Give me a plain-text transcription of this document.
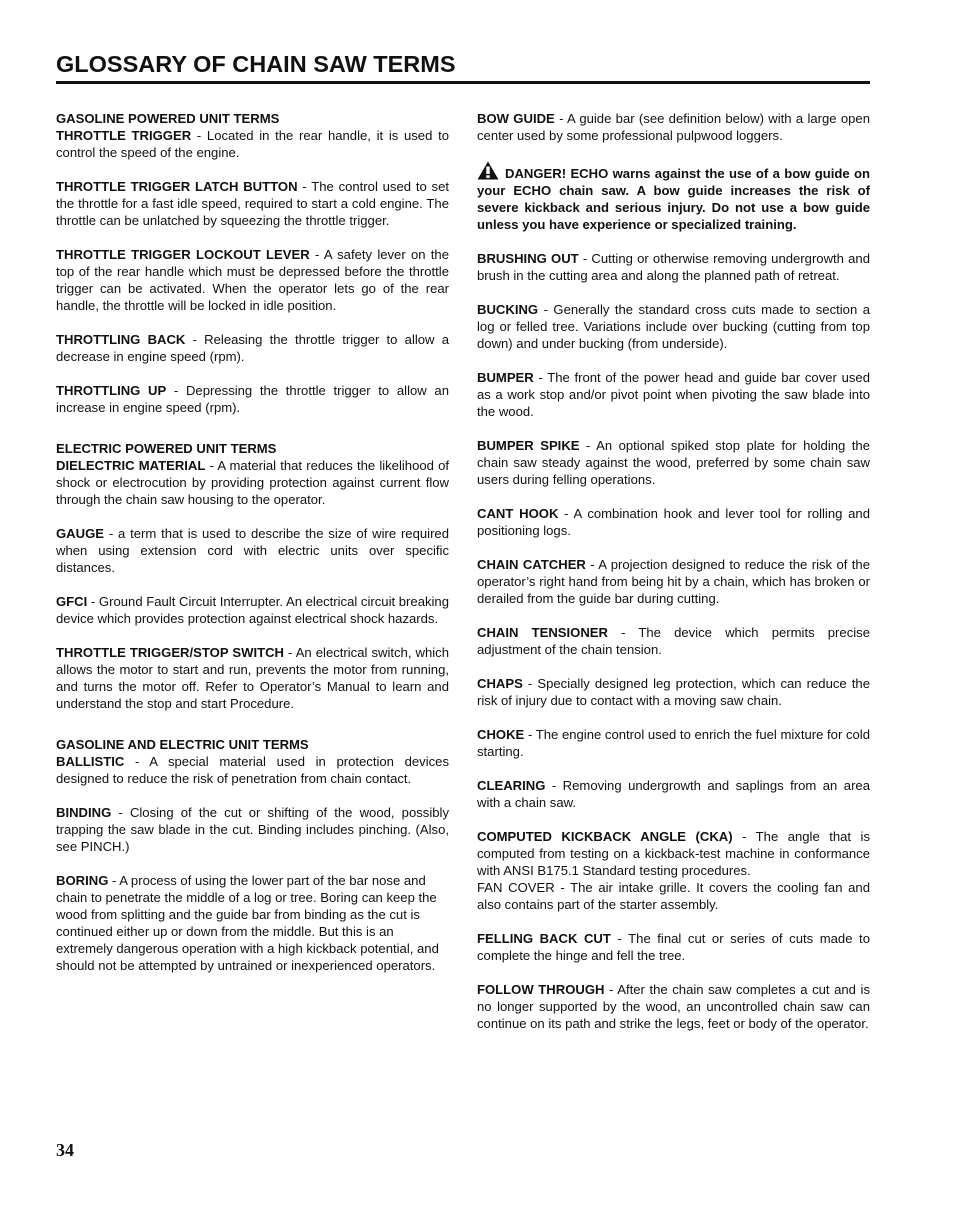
GLOSSARY OF CHAIN SAW TERMS
GASOLINE POWERED UNIT TERMS
THROTTLE TRIGGER - Located in the rear handle, it is used to control the speed of the engine.
THROTTLE TRIGGER LATCH BUTTON - The control used to set the throttle for a fast idle speed, required to start a cold engine. The throttle can be unlatched by squeezing the throttle trigger.
THROTTLE TRIGGER LOCKOUT LEVER - A safety lever on the top of the rear handle which must be depressed before the throttle trigger can be activated. When the operator lets go of the rear handle, the throttle will be locked in idle position.
THROTTLING BACK - Releasing the throttle trigger to allow a decrease in engine speed (rpm).
THROTTLING UP - Depressing the throttle trigger to allow an increase in engine speed (rpm).
ELECTRIC POWERED UNIT TERMS
DIELECTRIC MATERIAL - A material that reduces the likelihood of shock or electrocution by providing protection against current flow through the chain saw housing to the operator.
GAUGE - a term that is used to describe the size of wire required when using extension cord with electric units over specific distances.
GFCI - Ground Fault Circuit Interrupter. An electrical circuit breaking device which provides protection against electrical shock hazards.
THROTTLE TRIGGER/STOP SWITCH - An electrical switch, which allows the motor to start and run, prevents the motor from running, and turns the motor off. Refer to Operator’s Manual to learn and understand the stop and start Procedure.
GASOLINE AND ELECTRIC UNIT TERMS
BALLISTIC - A special material used in protection devices designed to reduce the risk of penetration from chain contact.
BINDING - Closing of the cut or shifting of the wood, possibly trapping the saw blade in the cut. Binding includes pinching. (Also, see PINCH.)
BORING - A process of using the lower part of the bar nose and chain to penetrate the middle of a log or tree. Boring can keep the wood from splitting and the guide bar from binding as the cut is continued either up or down from the middle. But this is an extremely dangerous operation with a high kickback potential, and should not be attempted by untrained or inexperienced operators.
BOW GUIDE - A guide bar (see definition below) with a large open center used by some professional pulpwood loggers.
DANGER! ECHO warns against the use of a bow guide on your ECHO chain saw. A bow guide increases the risk of severe kickback and serious injury. Do not use a bow guide unless you have experience or specialized training.
BRUSHING OUT - Cutting or otherwise removing undergrowth and brush in the cutting area and along the planned path of retreat.
BUCKING - Generally the standard cross cuts made to section a log or felled tree. Variations include over bucking (cutting from top down) and under bucking (from underside).
BUMPER - The front of the power head and guide bar cover used as a work stop and/or pivot point when pivoting the saw blade into the wood.
BUMPER SPIKE - An optional spiked stop plate for holding the chain saw steady against the wood, preferred by some chain saw users during felling operations.
CANT HOOK - A combination hook and lever tool for rolling and positioning logs.
CHAIN CATCHER - A projection designed to reduce the risk of the operator’s right hand from being hit by a chain, which has broken or derailed from the guide bar during cutting.
CHAIN TENSIONER - The device which permits precise adjustment of the chain tension.
CHAPS - Specially designed leg protection, which can reduce the risk of injury due to contact with a moving saw chain.
CHOKE - The engine control used to enrich the fuel mixture for cold starting.
CLEARING - Removing undergrowth and saplings from an area with a chain saw.
COMPUTED KICKBACK ANGLE (CKA) - The angle that is computed from testing on a kickback-test machine in conformance with ANSI B175.1 Standard testing procedures.
FAN COVER - The air intake grille. It covers the cooling fan and also contains part of the starter assembly.
FELLING BACK CUT - The final cut or series of cuts made to complete the hinge and fell the tree.
FOLLOW THROUGH - After the chain saw completes a cut and is no longer supported by the wood, an uncontrolled chain saw can continue on its path and strike the legs, feet or body of the operator.
34
